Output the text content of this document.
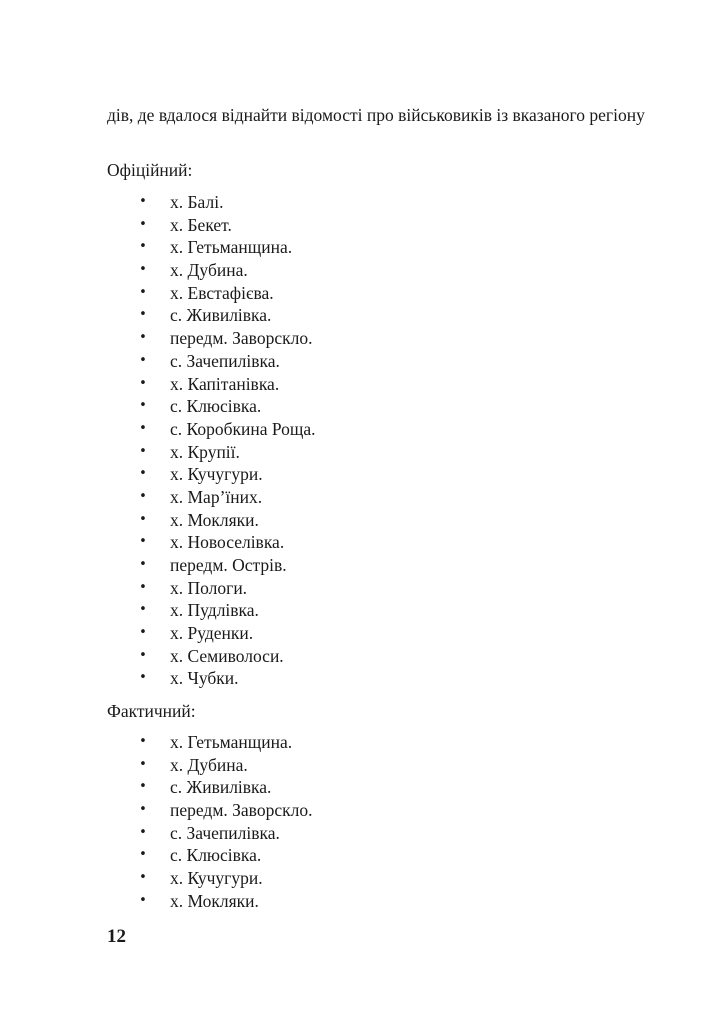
дів, де вдалося віднайти відомості про військовиків із вказаного регіону

Офіційний:

• х. Балі.
• х. Бекет.
• х. Гетьманщина.
• х. Дубина.
• х. Евстафієва.
• с. Живилівка.
• передм. Заворскло.
• с. Зачепилівка.
• х. Капітанівка.
• с. Клюсівка.
• с. Коробкина Роща.
• х. Крупії.
• х. Кучугури.
• х. Мар’їних.
• х. Мокляки.
• х. Новоселівка.
• передм. Острів.
• х. Пологи.
• х. Пудлівка.
• х. Руденки.
• х. Семиволоси.
• х. Чубки.

Фактичний:

• х. Гетьманщина.
• х. Дубина.
• с. Живилівка.
• передм. Заворскло.
• с. Зачепилівка.
• с. Клюсівка.
• х. Кучугури.
• х. Мокляки.

12
